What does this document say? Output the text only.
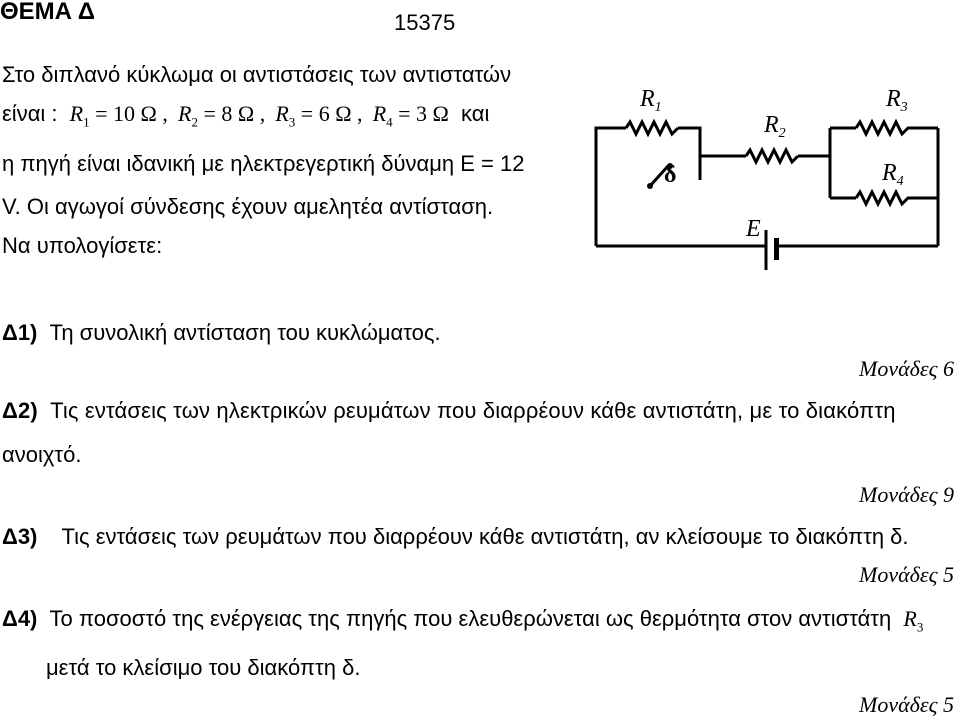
ΘΕΜΑ Δ	15375
Στο διπλανό κύκλωμα οι αντιστάσεις των αντιστατών
είναι : $R_1 = 10$ Ω , $R_2 = 8$ Ω , $R_3 = 6$ Ω , $R_4 = 3$ Ω και
η πηγή είναι ιδανική με ηλεκτρεγερτική δύναμη Ε = 12
V. Οι αγωγοί σύνδεσης έχουν αμελητέα αντίσταση.
Να υπολογίσετε:
$R_1$
$R_2$
$R_3$
$R_4$
δ
E
Δ1) Τη συνολική αντίσταση του κυκλώματος.
Μονάδες 6
Δ2) Τις εντάσεις των ηλεκτρικών ρευμάτων που διαρρέουν κάθε αντιστάτη, με το διακόπτη
ανοιχτό.
Μονάδες 9
Δ3) Τις εντάσεις των ρευμάτων που διαρρέουν κάθε αντιστάτη, αν κλείσουμε το διακόπτη δ.
Μονάδες 5
Δ4) Το ποσοστό της ενέργειας της πηγής που ελευθερώνεται ως θερμότητα στον αντιστάτη $R_3$
μετά το κλείσιμο του διακόπτη δ.
Μονάδες 5
